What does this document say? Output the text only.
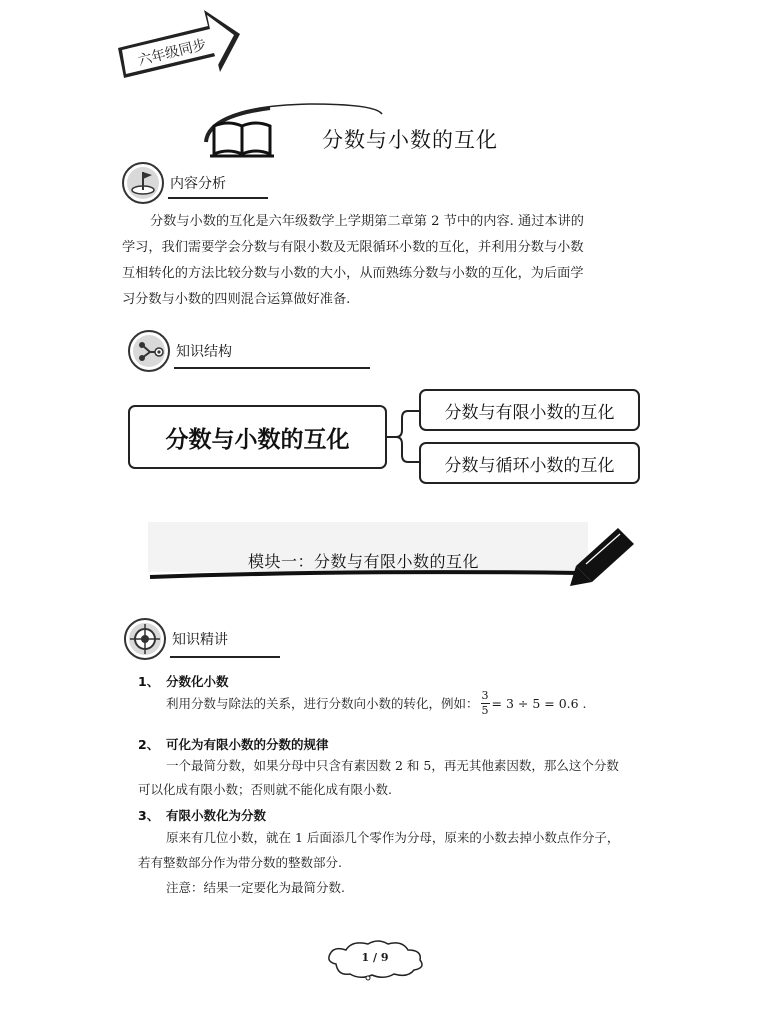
六年级同步
分数与小数的互化
内容分析
分数与小数的互化是六年级数学上学期第二章第 2 节中的内容. 通过本讲的
学习，我们需要学会分数与有限小数及无限循环小数的互化，并利用分数与小数
互相转化的方法比较分数与小数的大小，从而熟练分数与小数的互化，为后面学
习分数与小数的四则混合运算做好准备.
知识结构
分数与小数的互化
分数与有限小数的互化
分数与循环小数的互化
模块一：分数与有限小数的互化
知识精讲
1、 分数化小数
利用分数与除法的关系，进行分数向小数的转化，例如： $\frac{3}{5} = 3 \div 5 = 0.6$ .
2、 可化为有限小数的分数的规律
一个最简分数，如果分母中只含有素因数 2 和 5，再无其他素因数，那么这个分数
可以化成有限小数；否则就不能化成有限小数.
3、 有限小数化为分数
原来有几位小数，就在 1 后面添几个零作为分母，原来的小数去掉小数点作分子，
若有整数部分作为带分数的整数部分.
注意：结果一定要化为最简分数.
1 / 9
